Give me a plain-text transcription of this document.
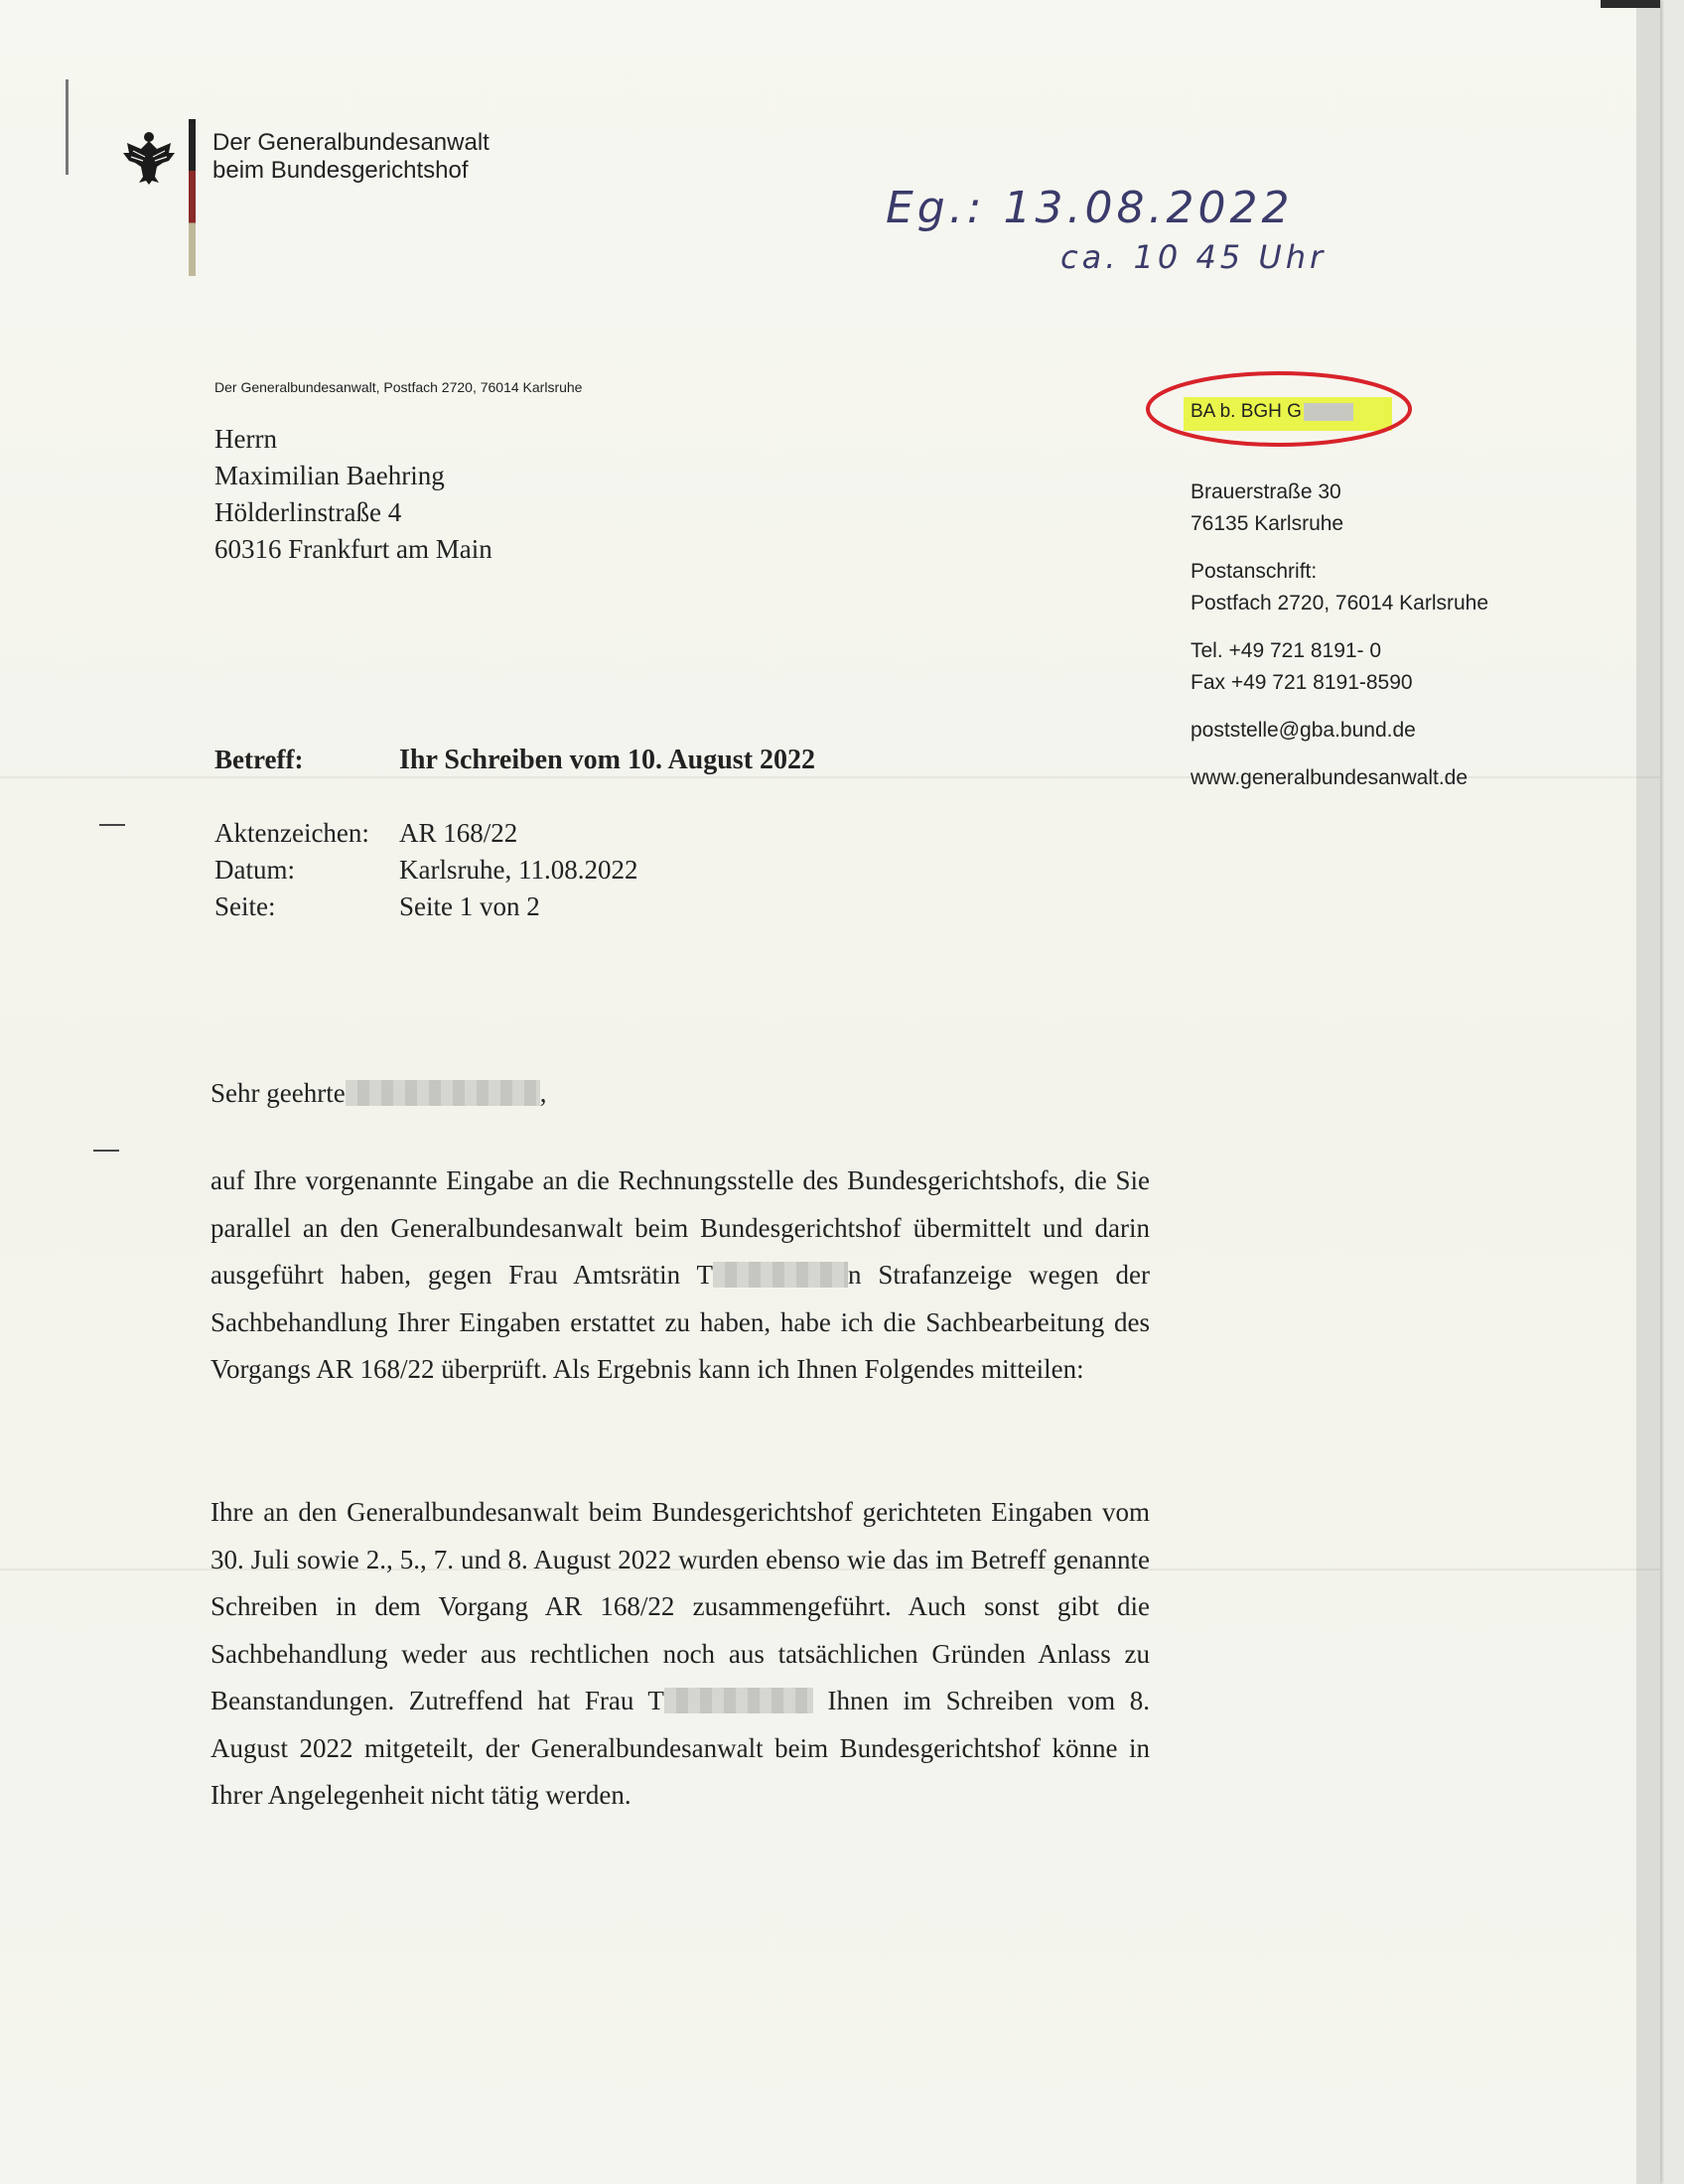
Der Generalbundesanwalt
beim Bundesgerichtshof
Eg.: 13.08.2022
ca. 10 45 Uhr
Der Generalbundesanwalt, Postfach 2720, 76014 Karlsruhe
Herrn
Maximilian Baehring
Hölderlinstraße 4
60316 Frankfurt am Main
BA b. BGH G
Brauerstraße 30
76135 Karlsruhe
Postanschrift:
Postfach 2720, 76014 Karlsruhe
Tel. +49 721 8191- 0
Fax +49 721 8191-8590
poststelle@gba.bund.de
www.generalbundesanwalt.de
Betreff:	Ihr Schreiben vom 10. August 2022
Aktenzeichen: AR 168/22
Datum:	Karlsruhe, 11.08.2022
Seite:	Seite 1 von 2
Sehr geehrte	,
auf Ihre vorgenannte Eingabe an die Rechnungsstelle des Bundesgerichtshofs, die Sie parallel an den Generalbundesanwalt beim Bundesgerichtshof übermittelt und darin ausgeführt haben, gegen Frau Amtsrätin T	n Strafanzeige wegen der Sachbehandlung Ihrer Eingaben erstattet zu haben, habe ich die Sachbearbeitung des Vorgangs AR 168/22 überprüft. Als Ergebnis kann ich Ihnen Folgendes mitteilen:
Ihre an den Generalbundesanwalt beim Bundesgerichtshof gerichteten Eingaben vom 30. Juli sowie 2., 5., 7. und 8. August 2022 wurden ebenso wie das im Betreff genannte Schreiben in dem Vorgang AR 168/22 zusammengeführt. Auch sonst gibt die Sachbehandlung weder aus rechtlichen noch aus tatsächlichen Gründen Anlass zu Beanstandungen. Zutreffend hat Frau T	Ihnen im Schreiben vom 8. August 2022 mitgeteilt, der Generalbundesanwalt beim Bundesgerichtshof könne in Ihrer Angelegenheit nicht tätig werden.
